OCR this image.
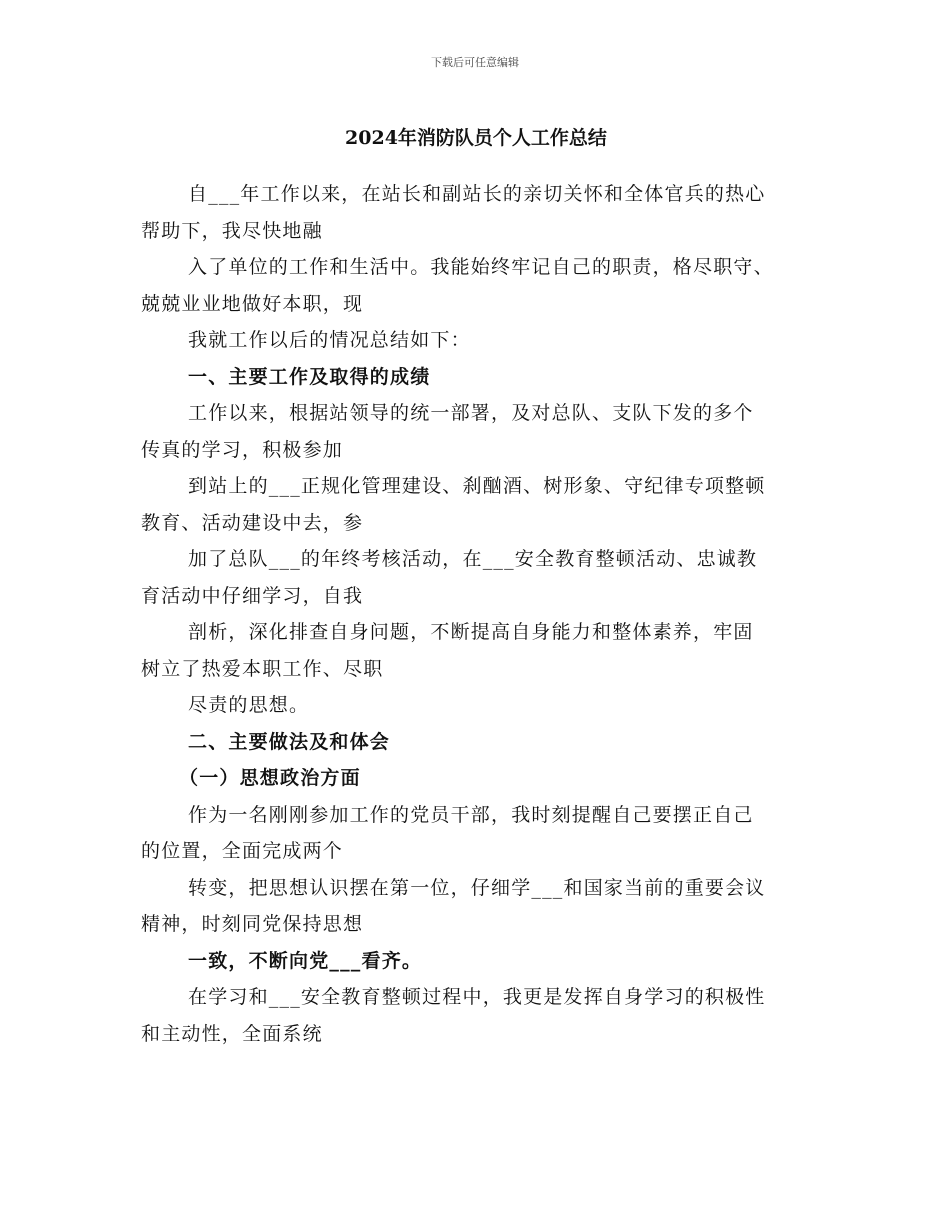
下载后可任意编辑
2024年消防队员个人工作总结

自___年工作以来，在站长和副站长的亲切关怀和全体官兵的热心
帮助下，我尽快地融

入了单位的工作和生活中。我能始终牢记自己的职责，格尽职守、
兢兢业业地做好本职，现

我就工作以后的情况总结如下：

一、主要工作及取得的成绩

工作以来，根据站领导的统一部署，及对总队、支队下发的多个
传真的学习，积极参加

到站上的___正规化管理建设、刹酗酒、树形象、守纪律专项整顿
教育、活动建设中去，参

加了总队___的年终考核活动，在___安全教育整顿活动、忠诚教
育活动中仔细学习，自我

剖析，深化排查自身问题，不断提高自身能力和整体素养，牢固
树立了热爱本职工作、尽职

尽责的思想。

二、主要做法及和体会

（一）思想政治方面

作为一名刚刚参加工作的党员干部，我时刻提醒自己要摆正自己
的位置，全面完成两个

转变，把思想认识摆在第一位，仔细学___和国家当前的重要会议
精神，时刻同党保持思想

一致，不断向党___看齐。

在学习和___安全教育整顿过程中，我更是发挥自身学习的积极性
和主动性，全面系统
